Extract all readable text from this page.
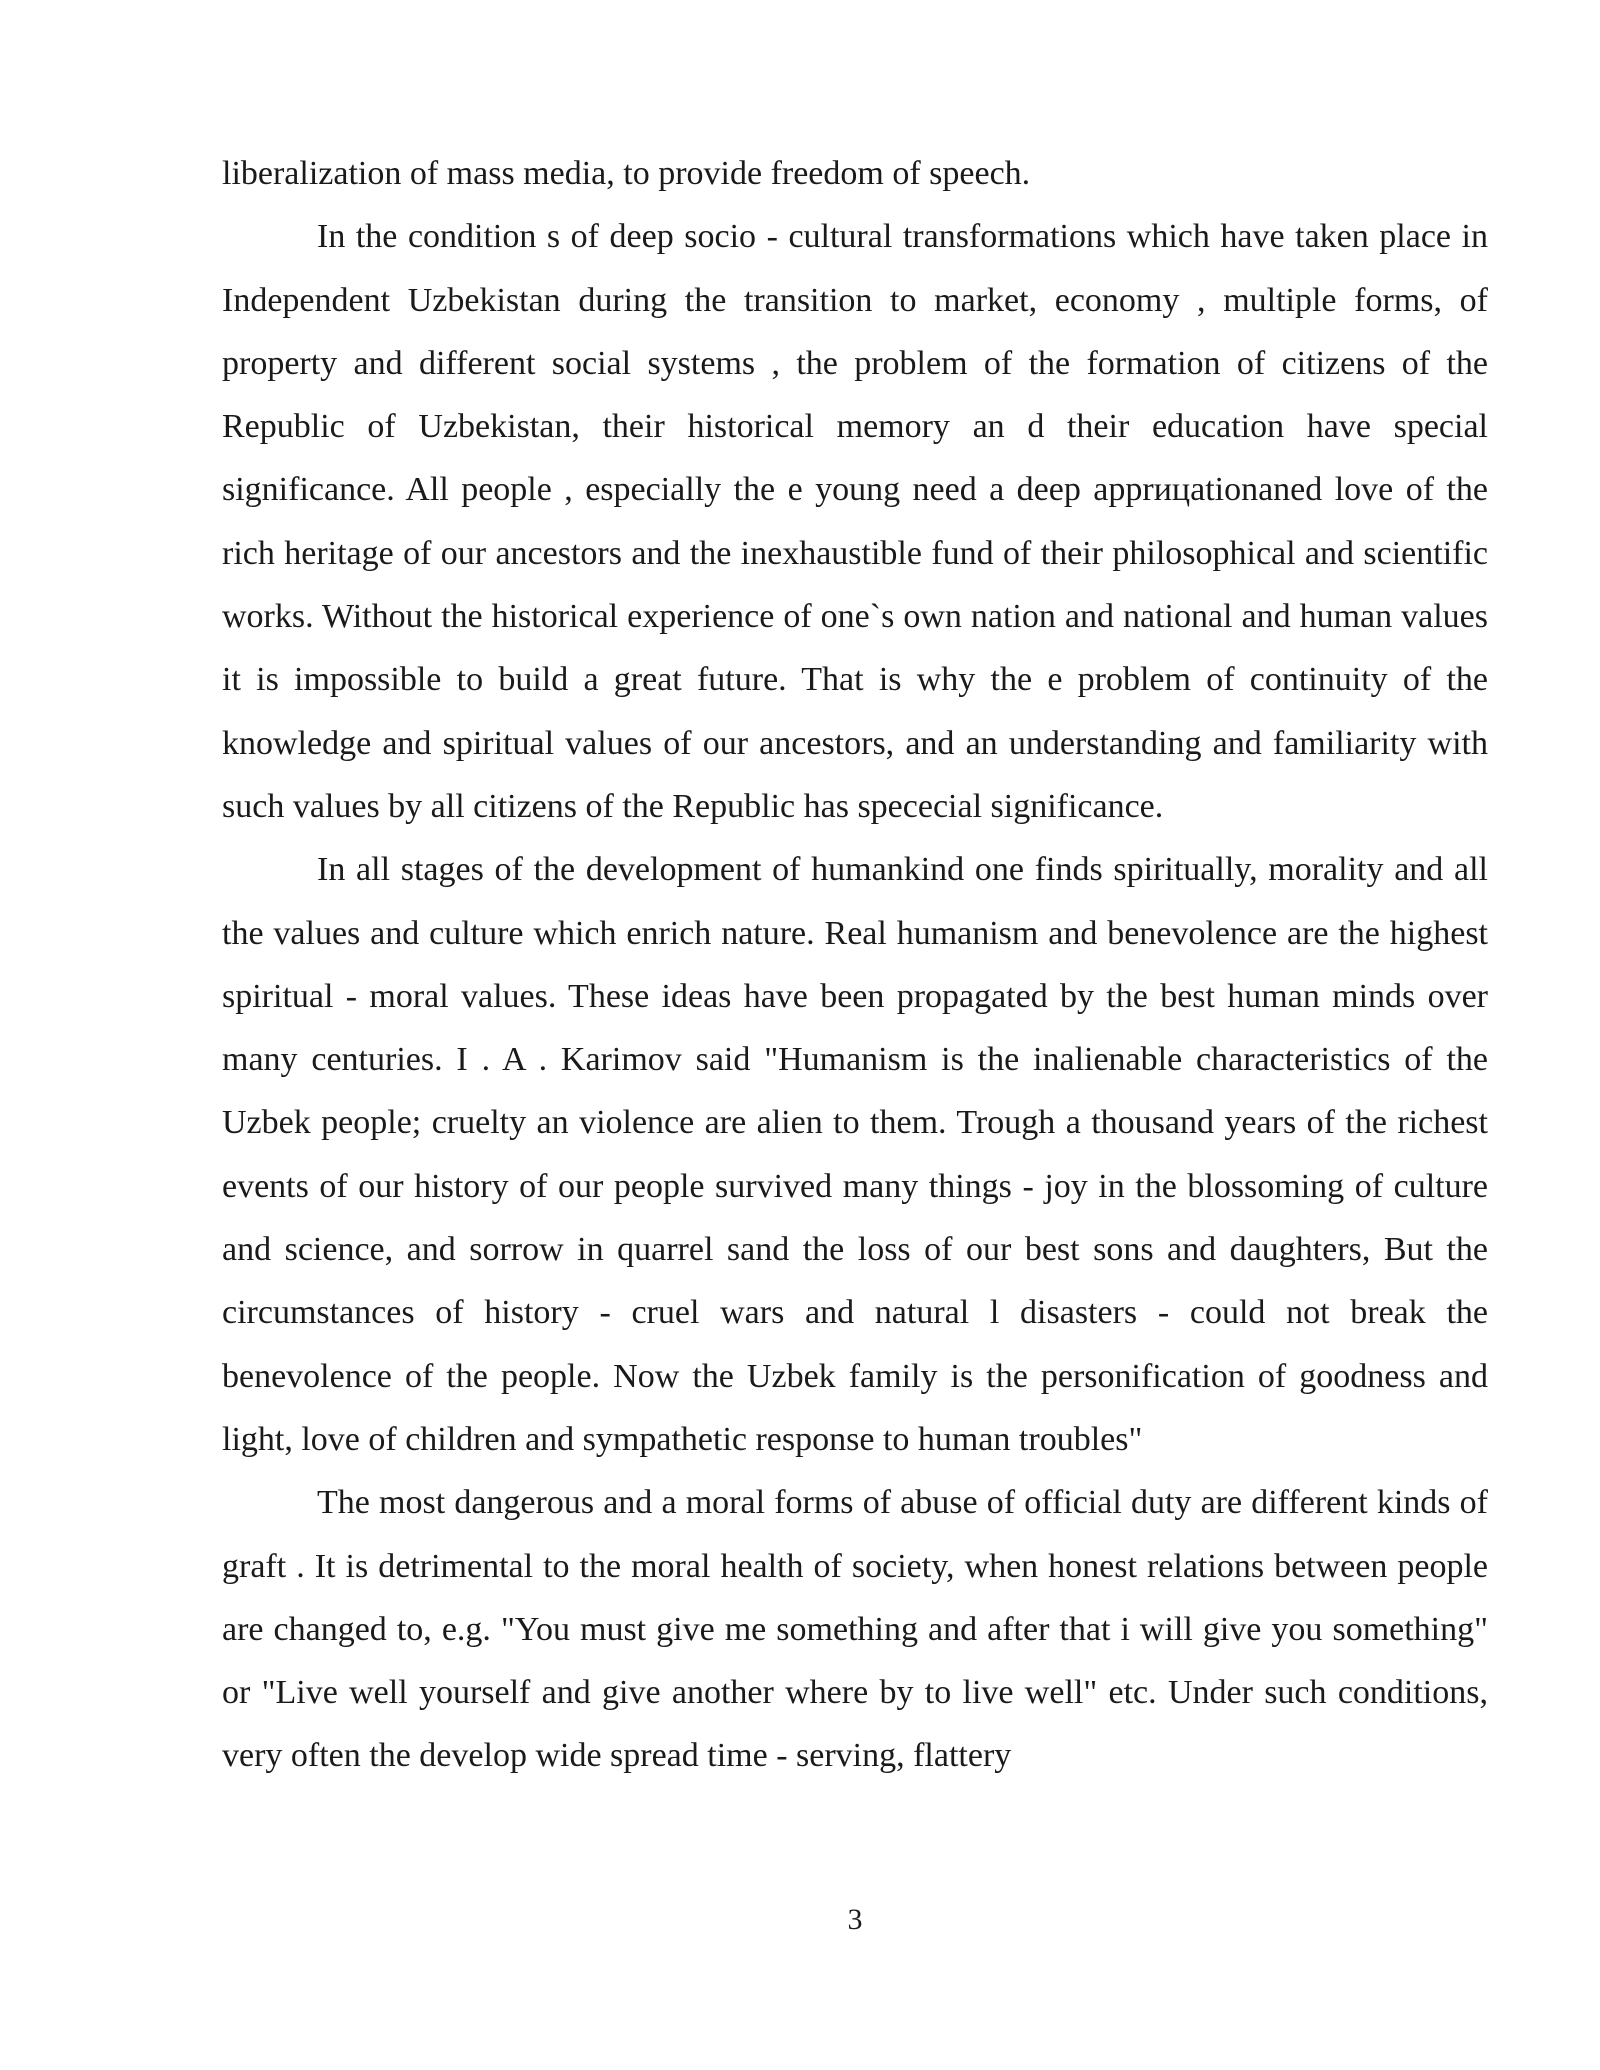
liberalization of mass media, to provide freedom of speech.

In the condition s of deep socio - cultural transformations which have taken place in Independent Uzbekistan during the transition to market, economy , multiple forms, of property and different social systems , the problem of the formation of citizens of the Republic of Uzbekistan, their historical memory an d their education have special significance. All people , especially the e young need a deep apprицationaned love of the rich heritage of our ancestors and the inexhaustible fund of their philosophical and scientific works. Without the historical experience of one`s own nation and national and human values it is impossible to build a great future. That is why the e problem of continuity of the knowledge and spiritual values of our ancestors, and an understanding and familiarity with such values by all citizens of the Republic has spececial significance.

In all stages of the development of humankind one finds spiritually, morality and all the values and culture which enrich nature. Real humanism and benevolence are the highest spiritual - moral values. These ideas have been propagated by the best human minds over many centuries. I . A . Karimov said "Humanism is the inalienable characteristics of the Uzbek people; cruelty an violence are alien to them. Trough a thousand years of the richest events of our history of our people survived many things - joy in the blossoming of culture and science, and sorrow in quarrel sand the loss of our best sons and daughters, But the circumstances of history - cruel wars and natural l disasters - could not break the benevolence of the people. Now the Uzbek family is the personification of goodness and light, love of children and sympathetic response to human troubles"

The most dangerous and a moral forms of abuse of official duty are different kinds of graft . It is detrimental to the moral health of society, when honest relations between people are changed to, e.g. "You must give me something and after that i will give you something" or "Live well yourself and give another where by to live well" etc. Under such conditions, very often the develop wide spread time - serving, flattery

3
